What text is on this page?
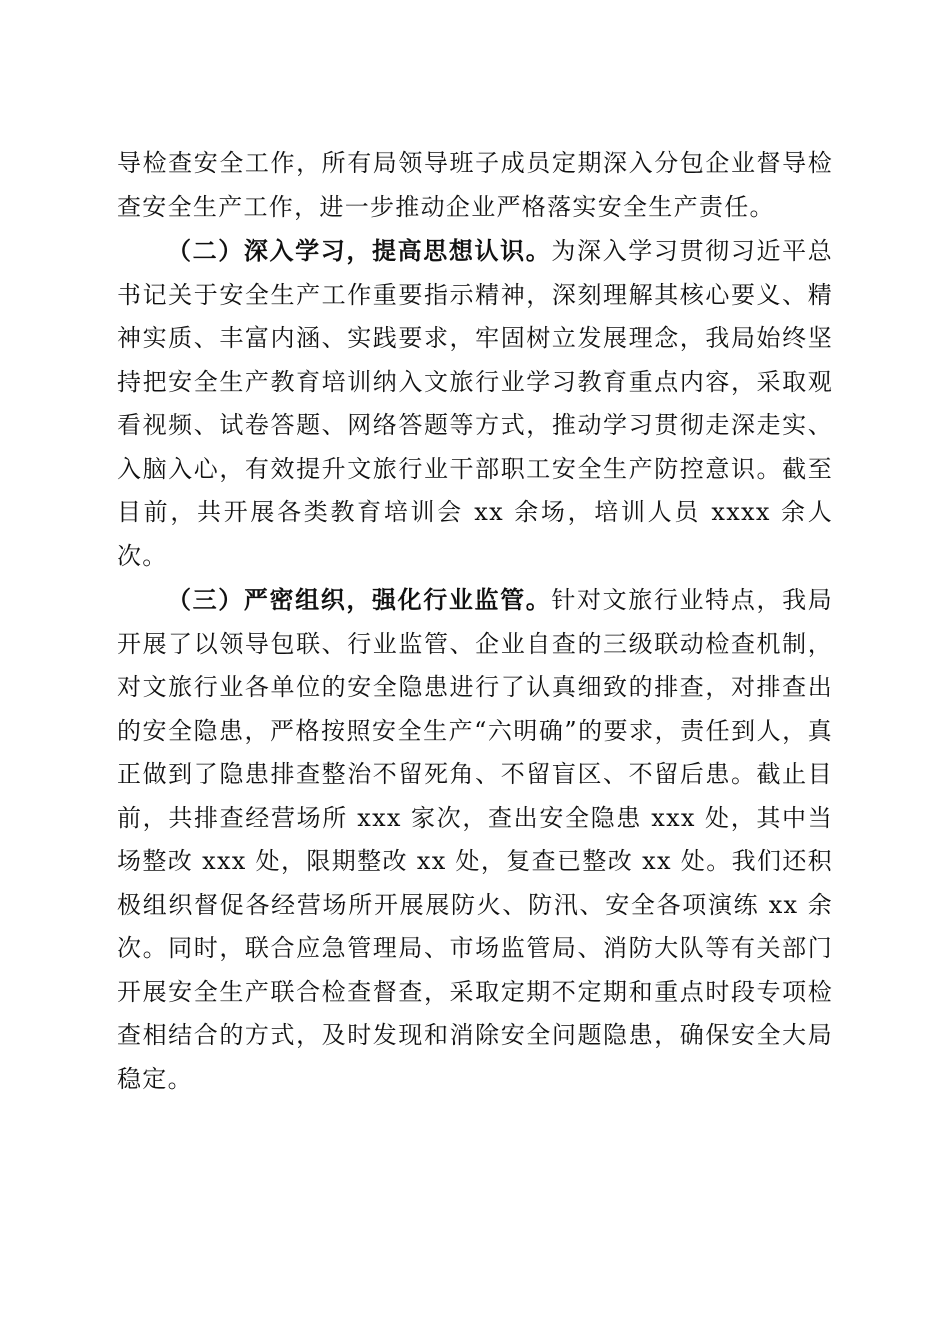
导检查安全工作，所有局领导班子成员定期深入分包企业督导检查安全生产工作，进一步推动企业严格落实安全生产责任。

（二）深入学习，提高思想认识。为深入学习贯彻习近平总书记关于安全生产工作重要指示精神，深刻理解其核心要义、精神实质、丰富内涵、实践要求，牢固树立发展理念，我局始终坚持把安全生产教育培训纳入文旅行业学习教育重点内容，采取观看视频、试卷答题、网络答题等方式，推动学习贯彻走深走实、入脑入心，有效提升文旅行业干部职工安全生产防控意识。截至目前，共开展各类教育培训会 xx 余场，培训人员 xxxx 余人次。

（三）严密组织，强化行业监管。针对文旅行业特点，我局开展了以领导包联、行业监管、企业自查的三级联动检查机制，对文旅行业各单位的安全隐患进行了认真细致的排查，对排查出的安全隐患，严格按照安全生产“六明确”的要求，责任到人，真正做到了隐患排查整治不留死角、不留盲区、不留后患。截止目前，共排查经营场所 xxx 家次，查出安全隐患 xxx 处，其中当场整改 xxx 处，限期整改 xx 处，复查已整改 xx 处。我们还积极组织督促各经营场所开展展防火、防汛、安全各项演练 xx 余次。同时，联合应急管理局、市场监管局、消防大队等有关部门开展安全生产联合检查督查，采取定期不定期和重点时段专项检查相结合的方式，及时发现和消除安全问题隐患，确保安全大局稳定。
